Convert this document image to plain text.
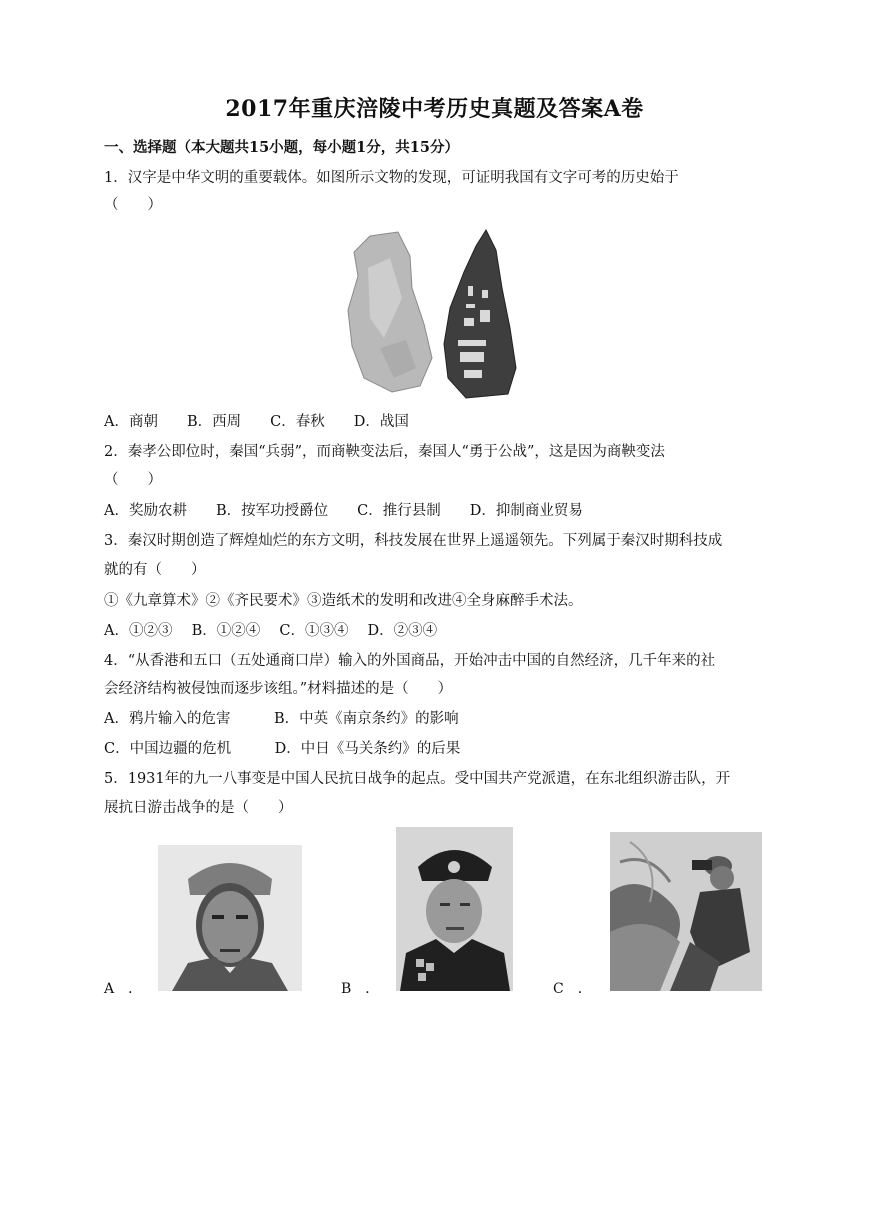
2017年重庆涪陵中考历史真题及答案A卷
一、选择题（本大题共15小题，每小题1分，共15分）
1．汉字是中华文明的重要载体。如图所示文物的发现，可证明我国有文字可考的历史始于
（　　）
A．商朝　　B．西周　　C．春秋　　D．战国
2．秦孝公即位时，秦国“兵弱”，而商鞅变法后，秦国人“勇于公战”，这是因为商鞅变法
（　　）
A．奖励农耕　　B．按军功授爵位　　C．推行县制　　D．抑制商业贸易
3．秦汉时期创造了辉煌灿烂的东方文明，科技发展在世界上遥遥领先。下列属于秦汉时期科技成
就的有（　　）
①《九章算术》②《齐民要术》③造纸术的发明和改进④全身麻醉手术法。
A．①②③　 B．①②④　 C．①③④　 D．②③④
4．“从香港和五口（五处通商口岸）输入的外国商品，开始冲击中国的自然经济，几千年来的社
会经济结构被侵蚀而逐步该组。”材料描述的是（　　）
A．鸦片输入的危害　　　B．中英《南京条约》的影响
C．中国边疆的危机　　　D．中日《马关条约》的后果
5．1931年的九一八事变是中国人民抗日战争的起点。受中国共产党派遣，在东北组织游击队，开
展抗日游击战争的是（　　）
A　．	B　．	C　．
